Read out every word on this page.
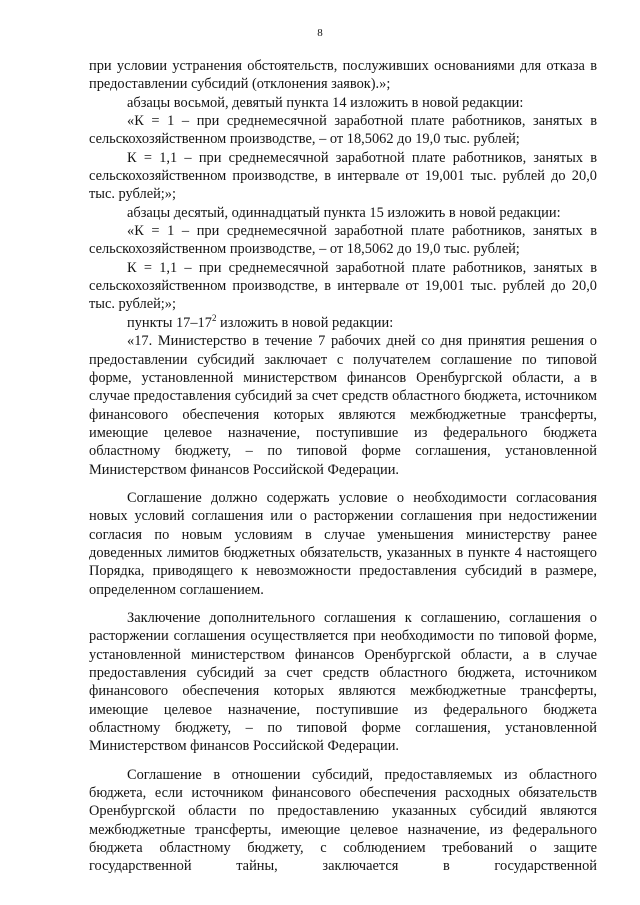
8

при условии устранения обстоятельств, послуживших основаниями для отказа в предоставлении субсидий (отклонения заявок).»;

абзацы восьмой, девятый пункта 14 изложить в новой редакции:

«К = 1 – при среднемесячной заработной плате работников, занятых в сельскохозяйственном производстве, – от 18,5062 до 19,0 тыс. рублей;

К = 1,1 – при среднемесячной заработной плате работников, занятых в сельскохозяйственном производстве, в интервале от 19,001 тыс. рублей до 20,0 тыс. рублей;»;

абзацы десятый, одиннадцатый пункта 15 изложить в новой редакции:

«К = 1 – при среднемесячной заработной плате работников, занятых в сельскохозяйственном производстве, – от 18,5062 до 19,0 тыс. рублей;

К = 1,1 – при среднемесячной заработной плате работников, занятых в сельскохозяйственном производстве, в интервале от 19,001 тыс. рублей до 20,0 тыс. рублей;»;

пункты $17-17^2$ изложить в новой редакции:

«17. Министерство в течение 7 рабочих дней со дня принятия решения о предоставлении субсидий заключает с получателем соглашение по типовой форме, установленной министерством финансов Оренбургской области, а в случае предоставления субсидий за счет средств областного бюджета, источником финансового обеспечения которых являются межбюджетные трансферты, имеющие целевое назначение, поступившие из федерального бюджета областному бюджету, – по типовой форме соглашения, установленной Министерством финансов Российской Федерации.

Соглашение должно содержать условие о необходимости согласования новых условий соглашения или о расторжении соглашения при недостижении согласия по новым условиям в случае уменьшения министерству ранее доведенных лимитов бюджетных обязательств, указанных в пункте 4 настоящего Порядка, приводящего к невозможности предоставления субсидий в размере, определенном соглашением.

Заключение дополнительного соглашения к соглашению, соглашения о расторжении соглашения осуществляется при необходимости по типовой форме, установленной министерством финансов Оренбургской области, а в случае предоставления субсидий за счет средств областного бюджета, источником финансового обеспечения которых являются межбюджетные трансферты, имеющие целевое назначение, поступившие из федерального бюджета областному бюджету, – по типовой форме соглашения, установленной Министерством финансов Российской Федерации.

Соглашение в отношении субсидий, предоставляемых из областного бюджета, если источником финансового обеспечения расходных обязательств Оренбургской области по предоставлению указанных субсидий являются межбюджетные трансферты, имеющие целевое назначение, из федерального бюджета областному бюджету, с соблюдением требований о защите государственной тайны, заключается в государственной
